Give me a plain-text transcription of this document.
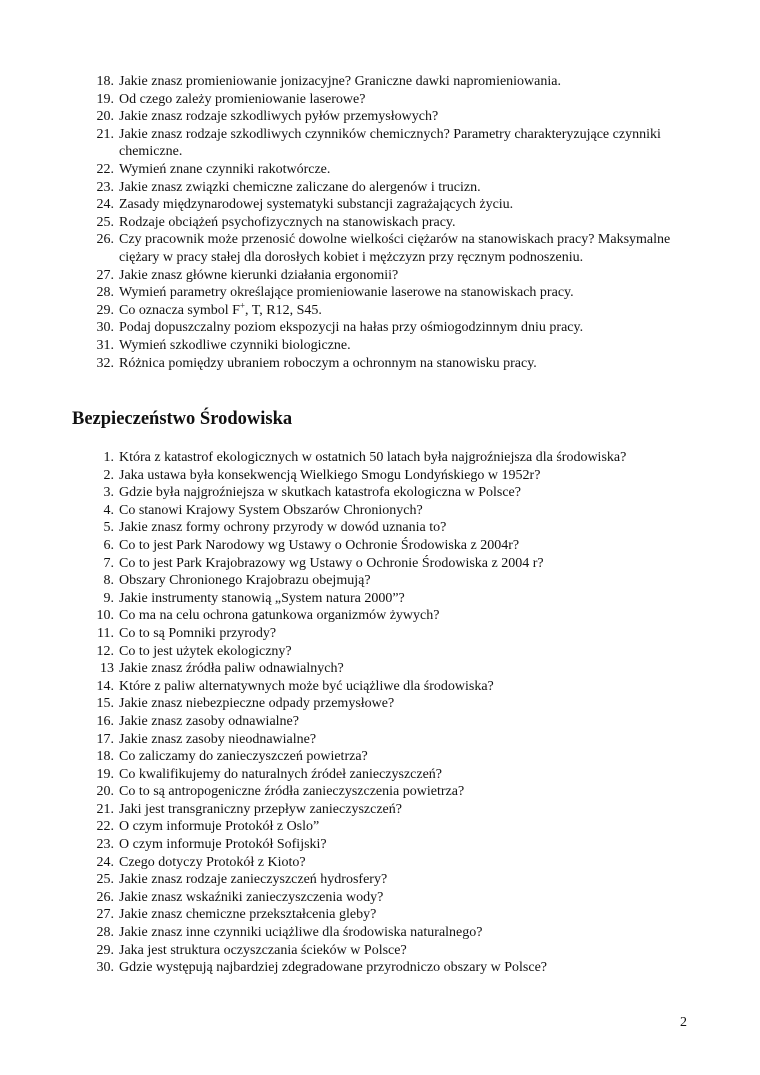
18. Jakie znasz promieniowanie jonizacyjne? Graniczne dawki napromieniowania.
19. Od czego zależy promieniowanie laserowe?
20. Jakie znasz rodzaje szkodliwych pyłów przemysłowych?
21. Jakie znasz rodzaje szkodliwych czynników chemicznych? Parametry charakteryzujące czynniki chemiczne.
22. Wymień znane czynniki rakotwórcze.
23. Jakie znasz związki chemiczne zaliczane do alergenów i trucizn.
24. Zasady międzynarodowej systematyki substancji zagrażających życiu.
25. Rodzaje obciążeń psychofizycznych na stanowiskach pracy.
26. Czy pracownik może przenosić dowolne wielkości ciężarów na stanowiskach pracy? Maksymalne ciężary w pracy stałej dla dorosłych kobiet i mężczyzn przy ręcznym podnoszeniu.
27. Jakie znasz główne kierunki działania ergonomii?
28. Wymień parametry określające promieniowanie laserowe na stanowiskach pracy.
29. Co oznacza symbol F+, T, R12, S45.
30. Podaj dopuszczalny poziom ekspozycji na hałas przy ośmiogodzinnym dniu pracy.
31. Wymień szkodliwe czynniki biologiczne.
32. Różnica pomiędzy ubraniem roboczym a ochronnym na stanowisku pracy.
Bezpieczeństwo Środowiska
1. Która z katastrof ekologicznych w ostatnich 50 latach była najgroźniejsza dla środowiska?
2. Jaka ustawa była konsekwencją Wielkiego Smogu Londyńskiego w 1952r?
3. Gdzie była najgroźniejsza w skutkach katastrofa ekologiczna w Polsce?
4. Co stanowi Krajowy System Obszarów Chronionych?
5. Jakie znasz formy ochrony przyrody w dowód uznania to?
6. Co to jest Park Narodowy wg Ustawy o Ochronie Środowiska z 2004r?
7. Co to jest Park Krajobrazowy wg Ustawy o Ochronie Środowiska z 2004 r?
8. Obszary Chronionego Krajobrazu obejmują?
9. Jakie instrumenty stanowią „System natura 2000”?
10. Co ma na celu ochrona gatunkowa organizmów żywych?
11. Co to są Pomniki przyrody?
12. Co to jest użytek ekologiczny?
13 Jakie znasz źródła paliw odnawialnych?
14. Które z paliw alternatywnych może być uciążliwe dla środowiska?
15. Jakie znasz niebezpieczne odpady przemysłowe?
16. Jakie znasz zasoby odnawialne?
17. Jakie znasz zasoby nieodnawialne?
18. Co zaliczamy do zanieczyszczeń powietrza?
19. Co kwalifikujemy do naturalnych źródeł zanieczyszczeń?
20. Co to są antropogeniczne źródła zanieczyszczenia powietrza?
21. Jaki jest transgraniczny przepływ zanieczyszczeń?
22. O czym informuje Protokół z Oslo”
23. O czym informuje Protokół Sofijski?
24. Czego dotyczy Protokół z Kioto?
25. Jakie znasz rodzaje zanieczyszczeń hydrosfery?
26. Jakie znasz wskaźniki zanieczyszczenia wody?
27. Jakie znasz chemiczne przekształcenia gleby?
28. Jakie znasz inne czynniki uciążliwe dla środowiska naturalnego?
29. Jaka jest struktura oczyszczania ścieków w Polsce?
30. Gdzie występują najbardziej zdegradowane przyrodniczo obszary w Polsce?
2
